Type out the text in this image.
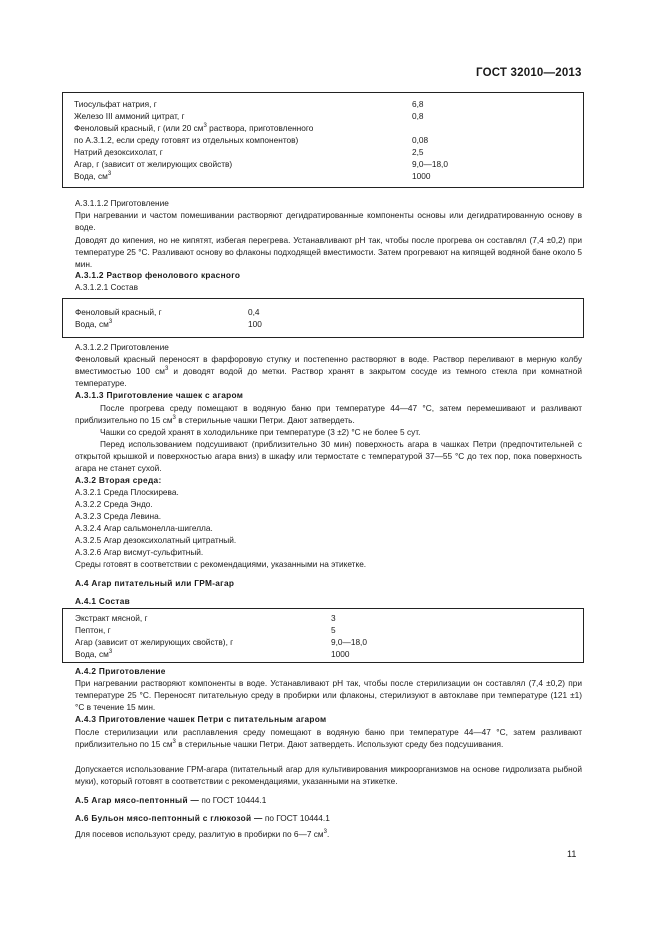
ГОСТ 32010—2013
Тиосульфат натрия, г	6,8
Железо III аммоний цитрат, г	0,8
Феноловый красный, г (или 20 $см^3$ раствора, приготовленного
по А.3.1.2, если среду готовят из отдельных компонентов)	0,08
Натрий дезоксихолат, г	2,5
Агар, г (зависит от желирующих свойств)	9,0—18,0
Вода, $см^3$	1000
А.3.1.1.2 Приготовление
При нагревании и частом помешивании растворяют дегидратированные компоненты основы или дегидратированную основу в воде.
Доводят до кипения, но не кипятят, избегая перегрева. Устанавливают рН так, чтобы после прогрева он составлял (7,4 ±0,2) при температуре 25 °С. Разливают основу во флаконы подходящей вместимости. Затем прогревают на кипящей водяной бане около 5 мин.
А.3.1.2 Раствор фенолового красного
А.3.1.2.1 Состав
Феноловый красный, г	0,4
Вода, $см^3$	100
А.3.1.2.2 Приготовление
Феноловый красный переносят в фарфоровую ступку и постепенно растворяют в воде. Раствор переливают в мерную колбу вместимостью 100 $см^3$ и доводят водой до метки. Раствор хранят в закрытом сосуде из темного стекла при комнатной температуре.
А.3.1.3 Приготовление чашек с агаром
После прогрева среду помещают в водяную баню при температуре 44—47 °С, затем перемешивают и разливают приблизительно по 15 $см^3$ в стерильные чашки Петри. Дают затвердеть.
Чашки со средой хранят в холодильнике при температуре (3 ±2) °С не более 5 сут.
Перед использованием подсушивают (приблизительно 30 мин) поверхность агара в чашках Петри (предпочтительней с открытой крышкой и поверхностью агара вниз) в шкафу или термостате с температурой 37—55 °С до тех пор, пока поверхность агара не станет сухой.
А.3.2 Вторая среда:
А.3.2.1 Среда Плоскирева.
А.3.2.2 Среда Эндо.
А.3.2.3 Среда Левина.
А.3.2.4 Агар сальмонелла-шигелла.
А.3.2.5 Агар дезоксихолатный цитратный.
А.3.2.6 Агар висмут-сульфитный.
Среды готовят в соответствии с рекомендациями, указанными на этикетке.
А.4 Агар питательный или ГРМ-агар
А.4.1 Состав
Экстракт мясной, г	3
Пептон, г	5
Агар (зависит от желирующих свойств), г	9,0—18,0
Вода, $см^3$	1000
А.4.2 Приготовление
При нагревании растворяют компоненты в воде. Устанавливают рН так, чтобы после стерилизации он составлял (7,4 ±0,2) при температуре 25 °С. Переносят питательную среду в пробирки или флаконы, стерилизуют в автоклаве при температуре (121 ±1) °С в течение 15 мин.
А.4.3 Приготовление чашек Петри с питательным агаром
После стерилизации или расплавления среду помещают в водяную баню при температуре 44—47 °С, затем разливают приблизительно по 15 $см^3$ в стерильные чашки Петри. Дают затвердеть. Используют среду без подсушивания.
Допускается использование ГРМ-агара (питательный агар для культивирования микроорганизмов на основе гидролизата рыбной муки), который готовят в соответствии с рекомендациями, указанными на этикетке.
А.5 Агар мясо-пептонный — по ГОСТ 10444.1
А.6 Бульон мясо-пептонный с глюкозой — по ГОСТ 10444.1
Для посевов используют среду, разлитую в пробирки по 6—7 $см^3$.
11
